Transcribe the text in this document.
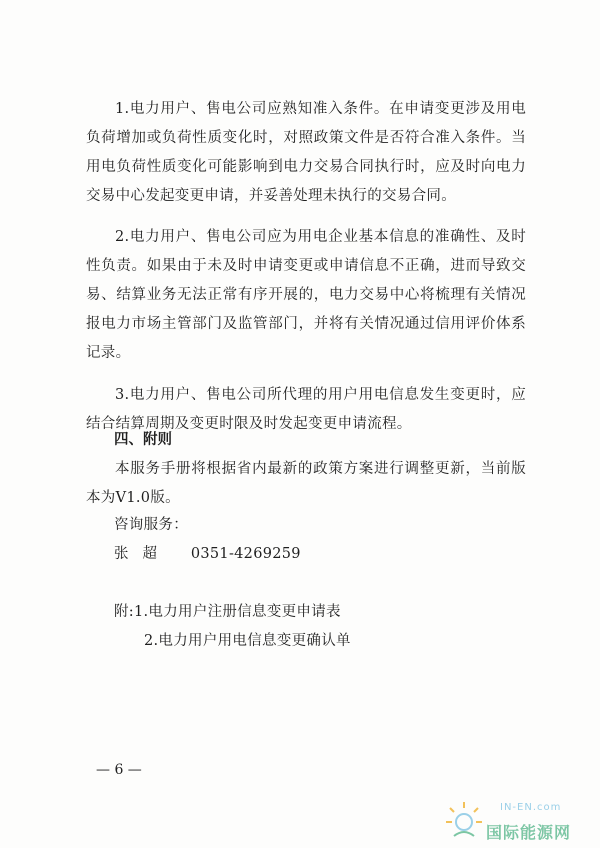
1.电力用户、售电公司应熟知准入条件。在申请变更涉及用电负荷增加或负荷性质变化时，对照政策文件是否符合准入条件。当用电负荷性质变化可能影响到电力交易合同执行时，应及时向电力交易中心发起变更申请，并妥善处理未执行的交易合同。

2.电力用户、售电公司应为用电企业基本信息的准确性、及时性负责。如果由于未及时申请变更或申请信息不正确，进而导致交易、结算业务无法正常有序开展的，电力交易中心将梳理有关情况报电力市场主管部门及监管部门，并将有关情况通过信用评价体系记录。

3.电力用户、售电公司所代理的用户用电信息发生变更时，应结合结算周期及变更时限及时发起变更申请流程。

四、附则

本服务手册将根据省内最新的政策方案进行调整更新，当前版本为V1.0版。

咨询服务：

张超 0351-4269259

附:1.电力用户注册信息变更申请表

2.电力用户用电信息变更确认单

— 6 —
IN-EN.com
国际能源网
